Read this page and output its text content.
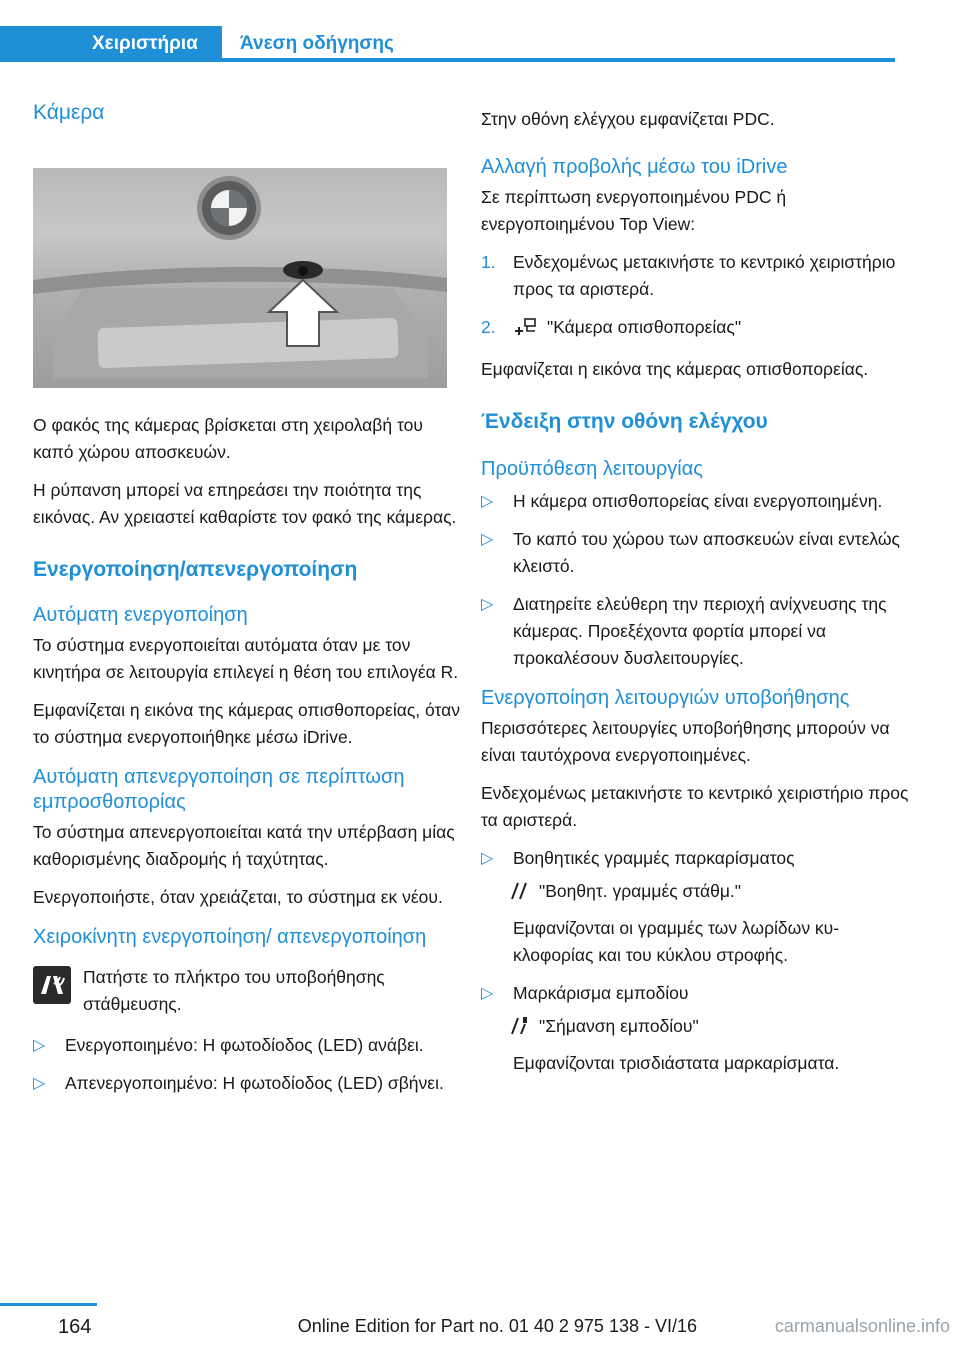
Χειριστήρια	Άνεση οδήγησης
Κάμερα

Ο φακός της κάμερας βρίσκεται στη χειρολαβή του καπό χώρου αποσκευών.

Η ρύπανση μπορεί να επηρεάσει την ποιότητα της εικόνας. Αν χρειαστεί καθαρίστε τον φακό της κάμερας.

Ενεργοποίηση/απενεργοποίηση
Αυτόματη ενεργοποίηση

Το σύστημα ενεργοποιείται αυτόματα όταν με τον κινητήρα σε λειτουργία επιλεγεί η θέση του επιλογέα R.

Εμφανίζεται η εικόνα της κάμερας οπισθοπορείας, όταν το σύστημα ενεργοποιήθηκε μέσω iDrive.

Αυτόματη απενεργοποίηση σε περίπτωση εμπροσθοπορίας

Το σύστημα απενεργοποιείται κατά την υπέρβαση μίας καθορισμένης διαδρομής ή ταχύτητας.

Ενεργοποιήστε, όταν χρειάζεται, το σύστημα εκ νέου.

Χειροκίνητη ενεργοποίηση/ απενεργοποίηση

Πατήστε το πλήκτρο του υποβοήθησης στάθμευσης.

▷ Ενεργοποιημένο: Η φωτοδίοδος (LED) ανάβει.
▷ Απενεργοποιημένο: Η φωτοδίοδος (LED) σβήνει.

Στην οθόνη ελέγχου εμφανίζεται PDC.

Αλλαγή προβολής μέσω του iDrive

Σε περίπτωση ενεργοποιημένου PDC ή ενεργοποιημένου Top View:

1. Ενδεχομένως μετακινήστε το κεντρικό χειριστήριο προς τα αριστερά.
2.	"Κάμερα οπισθοπορείας"

Εμφανίζεται η εικόνα της κάμερας οπισθοπορείας.

Ένδειξη στην οθόνη ελέγχου
Προϋπόθεση λειτουργίας
▷ Η κάμερα οπισθοπορείας είναι ενεργοποιημένη.
▷ Το καπό του χώρου των αποσκευών είναι εντελώς κλειστό.
▷ Διατηρείτε ελεύθερη την περιοχή ανίχνευσης της κάμερας. Προεξέχοντα φορτία μπορεί να προκαλέσουν δυσλειτουργίες.
Ενεργοποίηση λειτουργιών υποβοήθησης

Περισσότερες λειτουργίες υποβοήθησης μπορούν να είναι ταυτόχρονα ενεργοποιημένες.

Ενδεχομένως μετακινήστε το κεντρικό χειριστήριο προς τα αριστερά.

▷ Βοηθητικές γραμμές παρκαρίσματος

"Βοηθητ. γραμμές στάθμ."

Εμφανίζονται οι γραμμές των λωρίδων κυκλοφορίας και του κύκλου στροφής.

▷ Μαρκάρισμα εμποδίου

"Σήμανση εμποδίου"

Εμφανίζονται τρισδιάστατα μαρκαρίσματα.

164	Online Edition for Part no. 01 40 2 975 138 - VI/16	carmanualsonline.info
